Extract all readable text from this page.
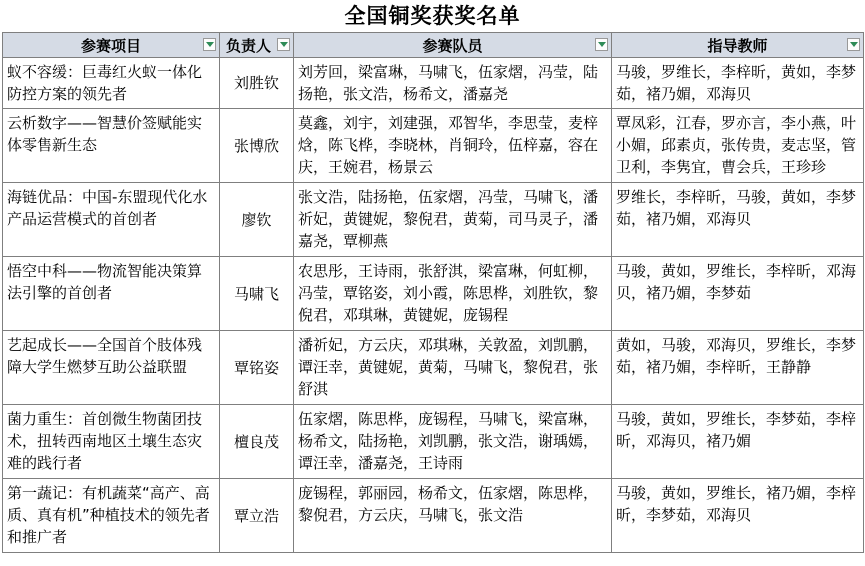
全国铜奖获奖名单
参赛项目	负责人	参赛队员	指导教师

蚁不容缓：巨毒红火蚁一体化防控方案的领先者	刘胜钦	刘芳回，梁富琳，马啸飞，伍家熠，冯莹，陆扬艳，张文浩，杨希文，潘嘉尧	马骏，罗维长，李梓昕，黄如，李梦茹，褚乃媚，邓海贝
云析数字——智慧价签赋能实体零售新生态	张博欣	莫鑫，刘宇，刘建强，邓智华，李思莹，麦梓焓，陈飞桦，李晓林，肖铜玲，伍梓嘉，容在庆，王婉君，杨景云	覃凤彩，江春，罗亦言，李小燕，叶小媚，邱素贞，张传贵，麦志坚，管卫利，李隽宜，曹会兵，王珍珍
海链优品：中国-东盟现代化水产品运营模式的首创者	廖钦	张文浩，陆扬艳，伍家熠，冯莹，马啸飞，潘祈妃，黄键妮，黎倪君，黄菊，司马灵子，潘嘉尧，覃柳燕	罗维长，李梓昕，马骏，黄如，李梦茹，褚乃媚，邓海贝
悟空中科——物流智能决策算法引擎的首创者	马啸飞	农思彤，王诗雨，张舒淇，梁富琳，何虹柳，冯莹，覃铭姿，刘小霞，陈思桦，刘胜钦，黎倪君，邓琪琳，黄键妮，庞锡程	马骏，黄如，罗维长，李梓昕，邓海贝，褚乃媚，李梦茹
艺起成长——全国首个肢体残障大学生燃梦互助公益联盟	覃铭姿	潘祈妃，方云庆，邓琪琳，关敦盈，刘凯鹏，谭汪幸，黄键妮，黄菊，马啸飞，黎倪君，张舒淇	黄如，马骏，邓海贝，罗维长，李梦茹，褚乃媚，李梓昕，王静静
菌力重生：首创微生物菌团技术，扭转西南地区土壤生态灾难的践行者	檀良茂	伍家熠，陈思桦，庞锡程，马啸飞，梁富琳，杨希文，陆扬艳，刘凯鹏，张文浩，谢瑀嫣，谭汪幸，潘嘉尧，王诗雨	马骏，黄如，罗维长，李梦茹，李梓昕，邓海贝，褚乃媚
第一蔬记：有机蔬菜“高产、高质、真有机”种植技术的领先者和推广者	覃立浩	庞锡程，郭丽园，杨希文，伍家熠，陈思桦，黎倪君，方云庆，马啸飞，张文浩	马骏，黄如，罗维长，褚乃媚，李梓昕，李梦茹，邓海贝
